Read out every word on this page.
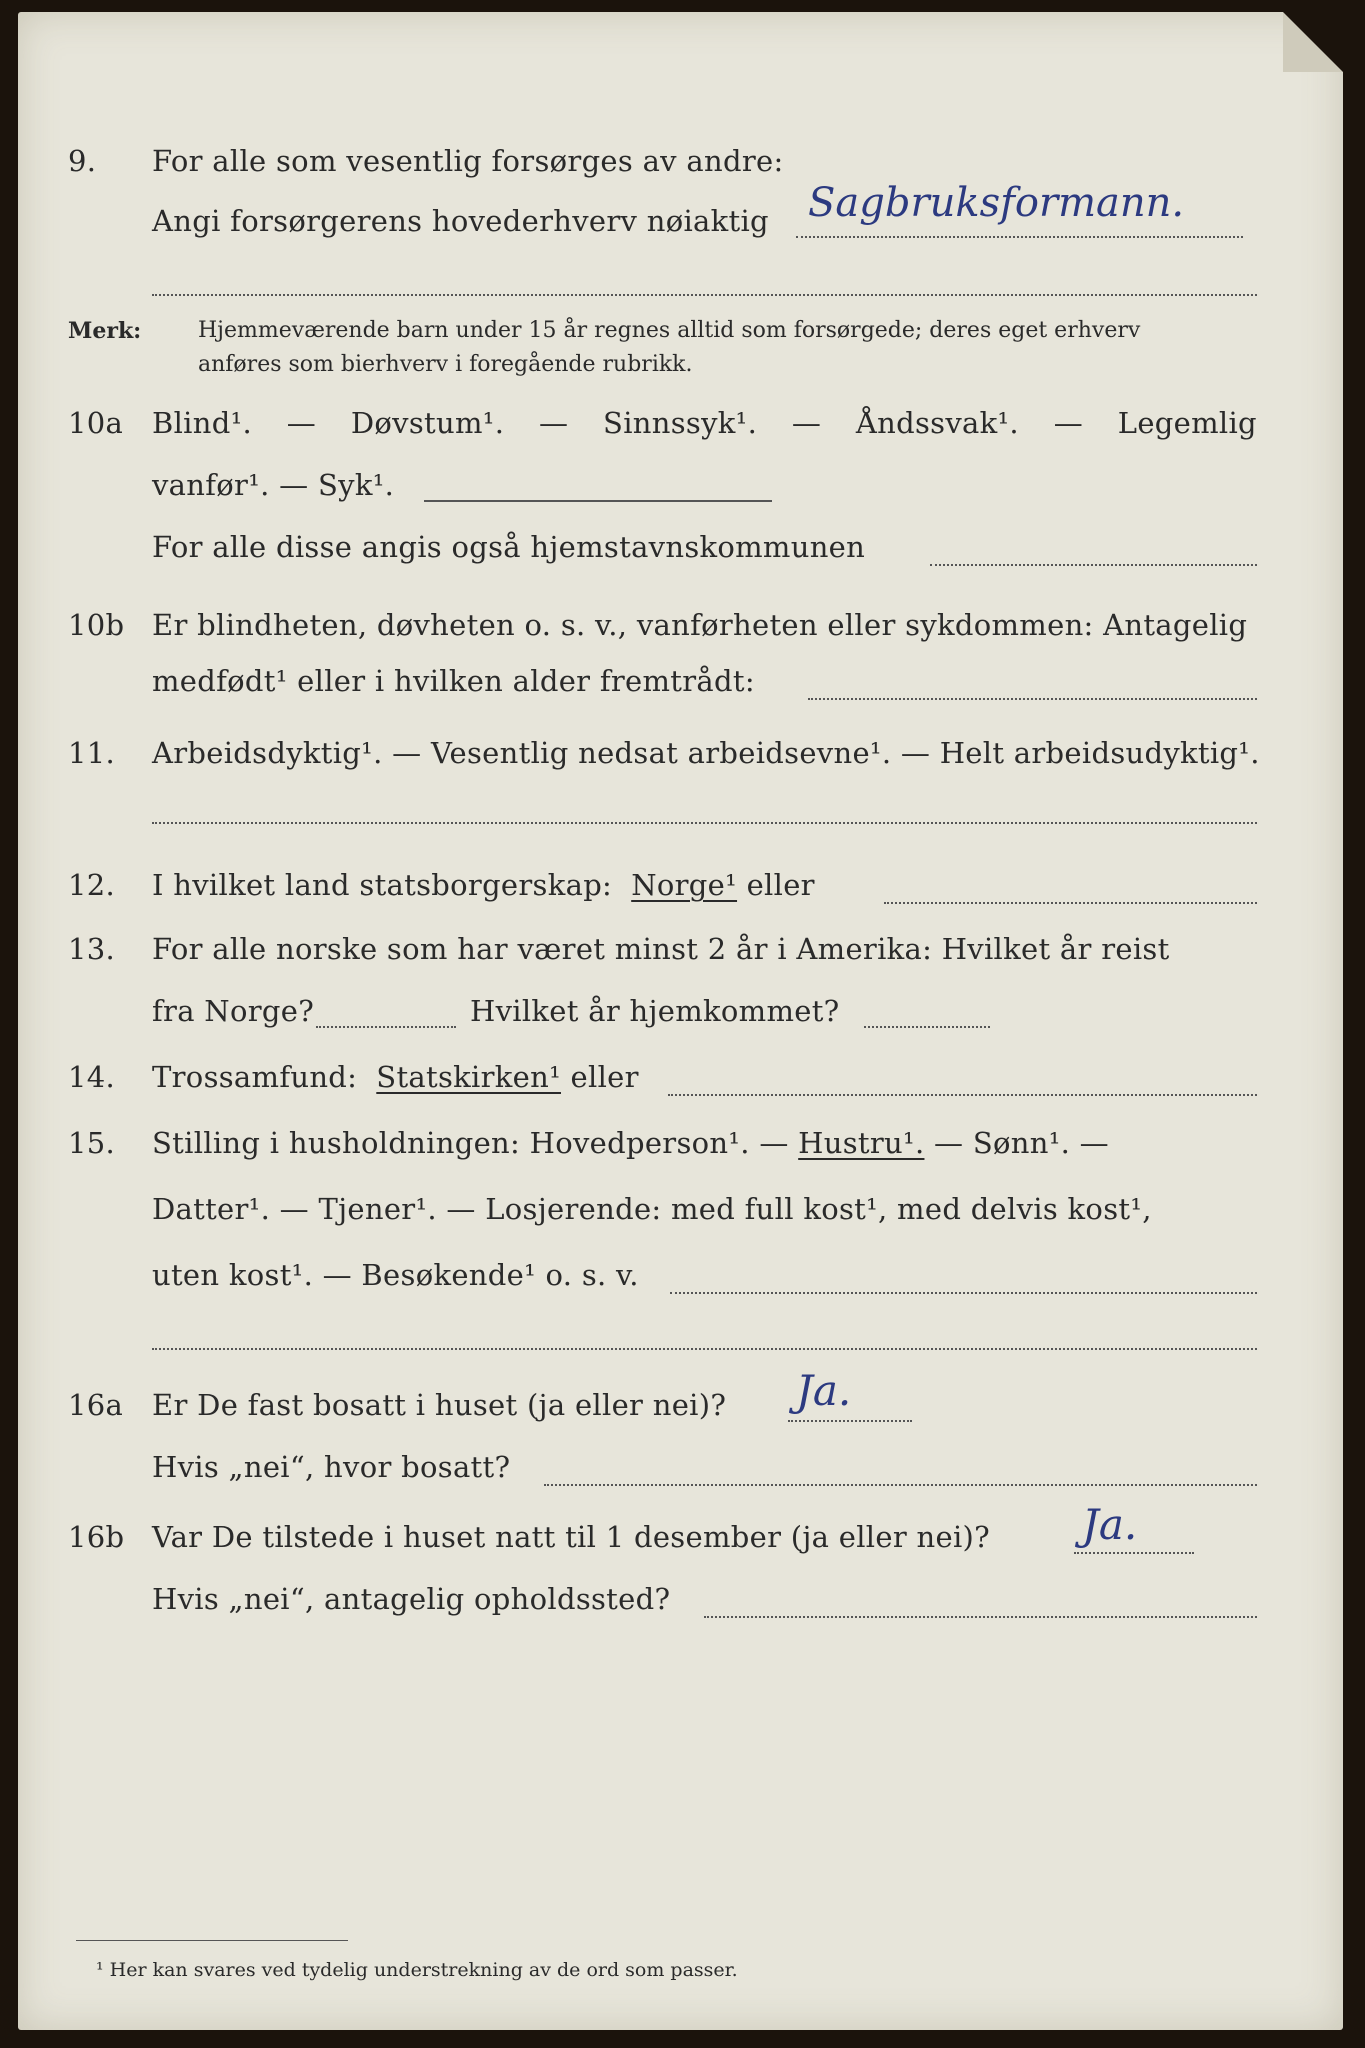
9. For alle som vesentlig forsørges av andre:
Angi forsørgerens hovederhverv nøiaktig Sagbruksformann.
Merk:	Hjemmeværende barn under 15 år regnes alltid som forsørgede; deres eget erhverv
anføres som bierhverv i foregående rubrikk.
10a Blind¹. — Døvstum¹. — Sinnssyk¹. — Åndssvak¹. — Legemlig
vanfør¹. — Syk¹.
For alle disse angis også hjemstavnskommunen
10b Er blindheten, døvheten o. s. v., vanførheten eller sykdommen: Antagelig
medfødt¹ eller i hvilken alder fremtrådt:
11. Arbeidsdyktig¹. — Vesentlig nedsat arbeidsevne¹. — Helt arbeidsudyktig¹.
12. I hvilket land statsborgerskap: Norge¹ eller
13. For alle norske som har været minst 2 år i Amerika: Hvilket år reist
fra Norge?	Hvilket år hjemkommet?
14. Trossamfund: Statskirken¹ eller
15. Stilling i husholdningen: Hovedperson¹. — Hustru¹. — Sønn¹. —
Datter¹. — Tjener¹. — Losjerende: med full kost¹, med delvis kost¹,
uten kost¹. — Besøkende¹ o. s. v.
16a Er De fast bosatt i huset (ja eller nei)? Ja.
Hvis „nei“, hvor bosatt?
16b Var De tilstede i huset natt til 1 desember (ja eller nei)? Ja.
Hvis „nei“, antagelig opholdssted?
¹ Her kan svares ved tydelig understrekning av de ord som passer.
